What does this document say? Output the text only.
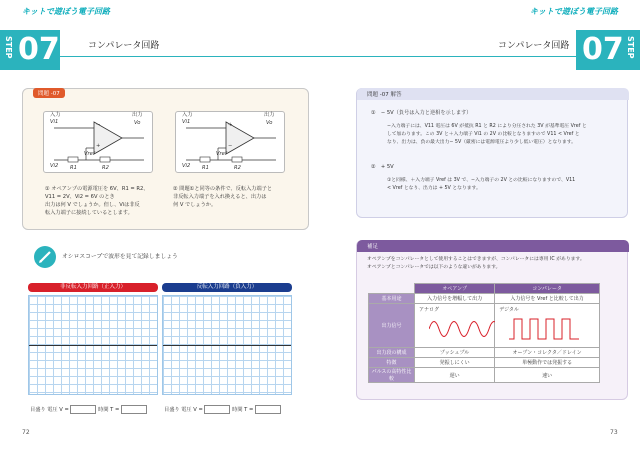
キットで遊ぼう電子回路
STEP 07	コンパレータ回路
問題 -07
入力
Vi1
出力
Vo
−
+
Vi2 R1
Vref
R2
入力
Vi1
出力
Vo
+
−
Vi2 R1
Vref
R2
① オペアンプの電源電圧を 6V、R1 = R2、
V11 = 2V、Vi2 = 6V のとき
出力は何 V でしょうか。但し、Viは非反
転入力端子に接続しているとします。
② 問題①と同等の条件で、反転入力端子と
非反転入力端子を入れ換えると、出力は
何 V でしょうか。
オシロスコープで波形を見て記録しましょう
非反転入力回路（正入力）	反転入力回路（負入力）
目盛り 電圧 V =	時間 T =	目盛り 電圧 V =	時間 T =
72
キットで遊ぼう電子回路
コンパレータ回路 07 STEP
問題 -07 解答
①　− 5V（負号は入力と逆相を示します）
−入力端子には、V11 電圧は 6V が抵抗 R1 と R2 により分圧された 3V が基準電圧 Vref と
して加わります。この 3V と＋入力端子 Vi1 の 2V の比較となりますので V11 < Vref と
なり、出力は、負の最大出力− 5V（厳密には電源電圧より少し低い電圧）となります。
②　+ 5V
①と同様、＋入力端子 Vref は 3V で、−入力端子の 2V との比較になりますので、V11
< Vref となり、出力は + 5V となります。
補足
オペアンプをコンパレータとして使用することはできますが、コンパレータには専用 IC があります。
オペアンプとコンパレータでは以下のような違いがあります。
	オペアンプ	コンパレータ
基本用途	入力信号を増幅して出力	入力信号を Vref と比較して出力
出力信号	アナログ	デジタル

出力段の構成	プッシュプル	オープン・コレクタ／ドレイン
特徴	発振しにくい	単極動作では発振する
パルスの高特性比較	遅い	速い
73
